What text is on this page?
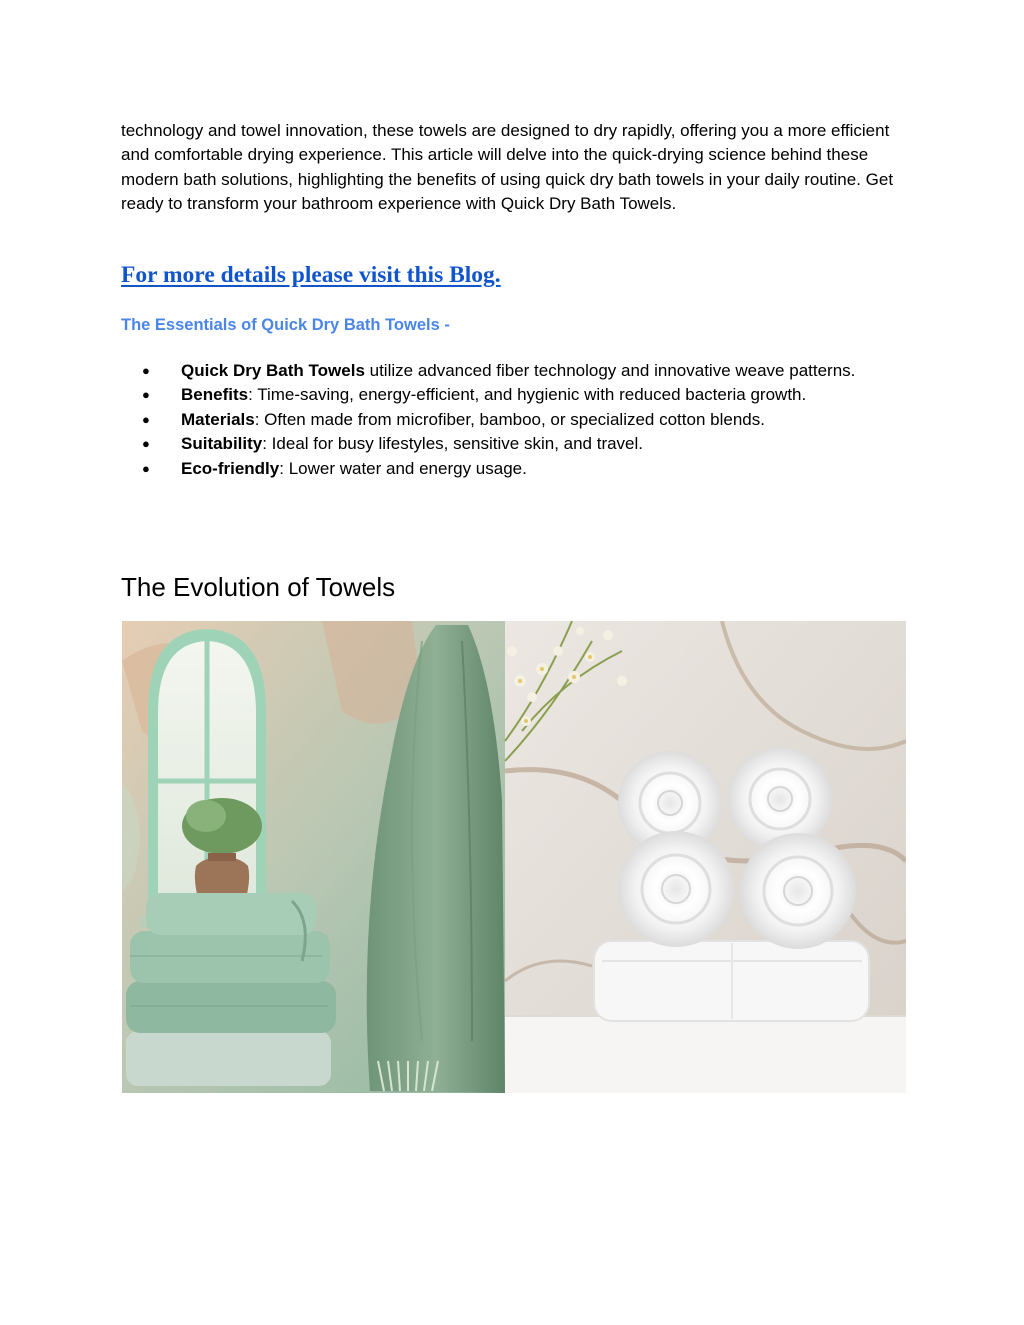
technology and towel innovation, these towels are designed to dry rapidly, offering you a more efficient and comfortable drying experience. This article will delve into the quick-drying science behind these modern bath solutions, highlighting the benefits of using quick dry bath towels in your daily routine. Get ready to transform your bathroom experience with Quick Dry Bath Towels.

For more details please visit this Blog.

The Essentials of Quick Dry Bath Towels -

● Quick Dry Bath Towels utilize advanced fiber technology and innovative weave patterns.
● Benefits: Time-saving, energy-efficient, and hygienic with reduced bacteria growth.
● Materials: Often made from microfiber, bamboo, or specialized cotton blends.
● Suitability: Ideal for busy lifestyles, sensitive skin, and travel.
● Eco-friendly: Lower water and energy usage.
The Evolution of Towels
